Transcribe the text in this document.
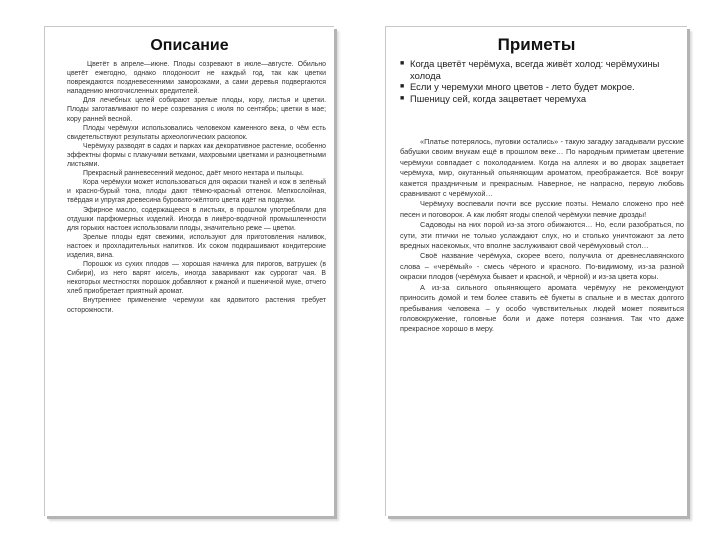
Описание

Цветёт в апреле—июне. Плоды созревают в июле—августе. Обильно цветёт ежегодно, однако плодоносит не каждый год, так как цветки повреждаются поздневесенними заморозками, а сами деревья подвергаются нападению многочисленных вредителей.

Для лечебных целей собирают зрелые плоды, кору, листья и цветки. Плоды заготавливают по мере созревания с июля по сентябрь; цветки в мае; кору ранней весной.

Плоды черёмухи использовались человеком каменного века, о чём есть свидетельствуют результаты археологических раскопок.

Черёмуху разводят в садах и парках как декоративное растение, особенно эффектны формы с плакучими ветками, махровыми цветками и разноцветными листьями.

Прекрасный ранневесенний медонос, даёт много нектара и пыльцы.

Кора черёмухи может использоваться для окраски тканей и кож в зелёный и красно-бурый тона, плоды дают тёмно-красный оттенок. Мелкослойная, твёрдая и упругая древесина буровато-жёлтого цвета идёт на поделки.

Эфирное масло, содержащееся в листьях, в прошлом употребляли для отдушки парфюмерных изделий. Иногда в ликёро-водочной промышленности для горьких настоек использовали плоды, значительно реже — цветки.

Зрелые плоды едят свежими, используют для приготовления наливок, настоек и прохладительных напитков. Их соком подкрашивают кондитерские изделия, вина.

Порошок из сухих плодов — хорошая начинка для пирогов, ватрушек (в Сибири), из него варят кисель, иногда заваривают как суррогат чая. В некоторых местностях порошок добавляют к ржаной и пшеничной муке, отчего хлеб приобретает приятный аромат.

Внутреннее применение черемухи как ядовитого растения требует осторожности.

Приметы
■ Когда цветёт черёмуха, всегда живёт холод: черёмухины холода
■ Если у черемухи много цветов - лето будет мокрое.
■ Пшеницу сей, когда зацветает черемуха

«Платье потерялось, пуговки остались» - такую загадку загадывали русские бабушки своим внукам ещё в прошлом веке… По народным приметам цветение черёмухи совпадает с похолоданием. Когда на аллеях и во дворах зацветает черёмуха, мир, окутанный опьяняющим ароматом, преображается. Всё вокруг кажется праздничным и прекрасным. Наверное, не напрасно, первую любовь сравнивают с черёмухой…

Черёмуху воспевали почти все русские поэты. Немало сложено про неё песен и поговорок. А как любят ягоды спелой черёмухи певчие дрозды!

Садоводы на них порой из-за этого обижаются… Но, если разобраться, по сути, эти птички не только услаждают слух, но и столько уничтожают за лето вредных насекомых, что вполне заслуживают свой черёмуховый стол…

Своё название черёмуха, скорее всего, получила от древнеславянского слова – «черёмый» - смесь чёрного и красного. По-видимому, из-за разной окраски плодов (черёмуха бывает и красной, и чёрной) и из-за цвета коры.

А из-за сильного опьяняющего аромата черёмуху не рекомендуют приносить домой и тем более ставить её букеты в спальне и в местах долгого пребывания человека – у особо чувствительных людей может появиться головокружение, головные боли и даже потеря сознания. Так что даже прекрасное хорошо в меру.
